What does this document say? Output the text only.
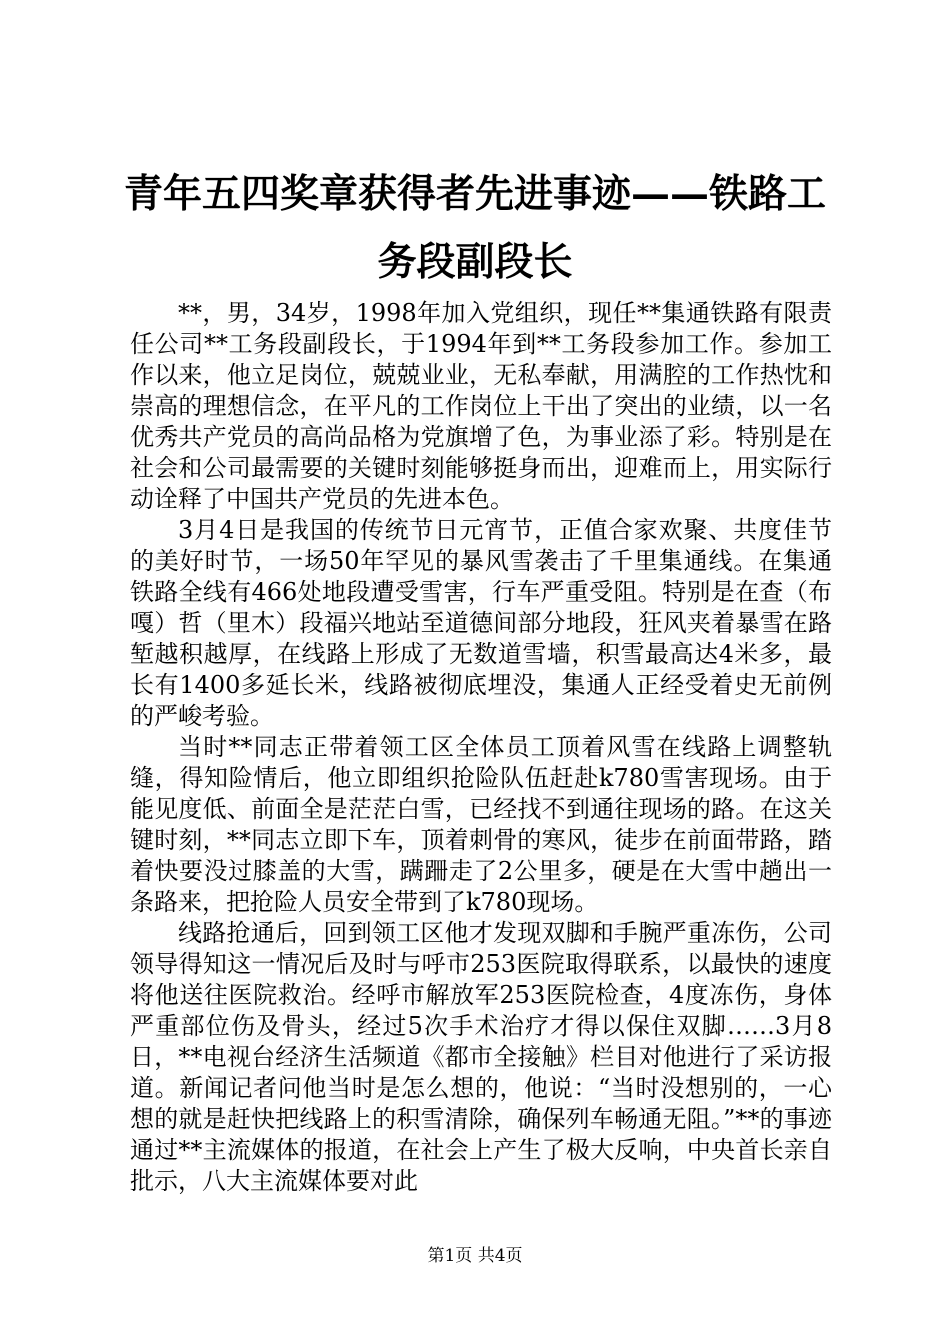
青年五四奖章获得者先进事迹——铁路工务段副段长

**，男，34岁，1998年加入党组织，现任**集通铁路有限责任公司**工务段副段长，于1994年到**工务段参加工作。参加工作以来，他立足岗位，兢兢业业，无私奉献，用满腔的工作热忱和崇高的理想信念，在平凡的工作岗位上干出了突出的业绩，以一名优秀共产党员的高尚品格为党旗增了色，为事业添了彩。特别是在社会和公司最需要的关键时刻能够挺身而出，迎难而上，用实际行动诠释了中国共产党员的先进本色。

3月4日是我国的传统节日元宵节，正值合家欢聚、共度佳节的美好时节，一场50年罕见的暴风雪袭击了千里集通线。在集通铁路全线有466处地段遭受雪害，行车严重受阻。特别是在查（布嘎）哲（里木）段福兴地站至道德间部分地段，狂风夹着暴雪在路堑越积越厚，在线路上形成了无数道雪墙，积雪最高达4米多，最长有1400多延长米，线路被彻底埋没，集通人正经受着史无前例的严峻考验。

当时**同志正带着领工区全体员工顶着风雪在线路上调整轨缝，得知险情后，他立即组织抢险队伍赶赴k780雪害现场。由于能见度低、前面全是茫茫白雪，已经找不到通往现场的路。在这关键时刻，**同志立即下车，顶着刺骨的寒风，徒步在前面带路，踏着快要没过膝盖的大雪，蹒跚走了2公里多，硬是在大雪中趟出一条路来，把抢险人员安全带到了k780现场。

线路抢通后，回到领工区他才发现双脚和手腕严重冻伤，公司领导得知这一情况后及时与呼市253医院取得联系，以最快的速度将他送往医院救治。经呼市解放军253医院检查，4度冻伤，身体严重部位伤及骨头，经过5次手术治疗才得以保住双脚……3月8日，**电视台经济生活频道《都市全接触》栏目对他进行了采访报道。新闻记者问他当时是怎么想的，他说：“当时没想别的，一心想的就是赶快把线路上的积雪清除，确保列车畅通无阻。”**的事迹通过**主流媒体的报道，在社会上产生了极大反响，中央首长亲自批示，八大主流媒体要对此

第1页 共4页
